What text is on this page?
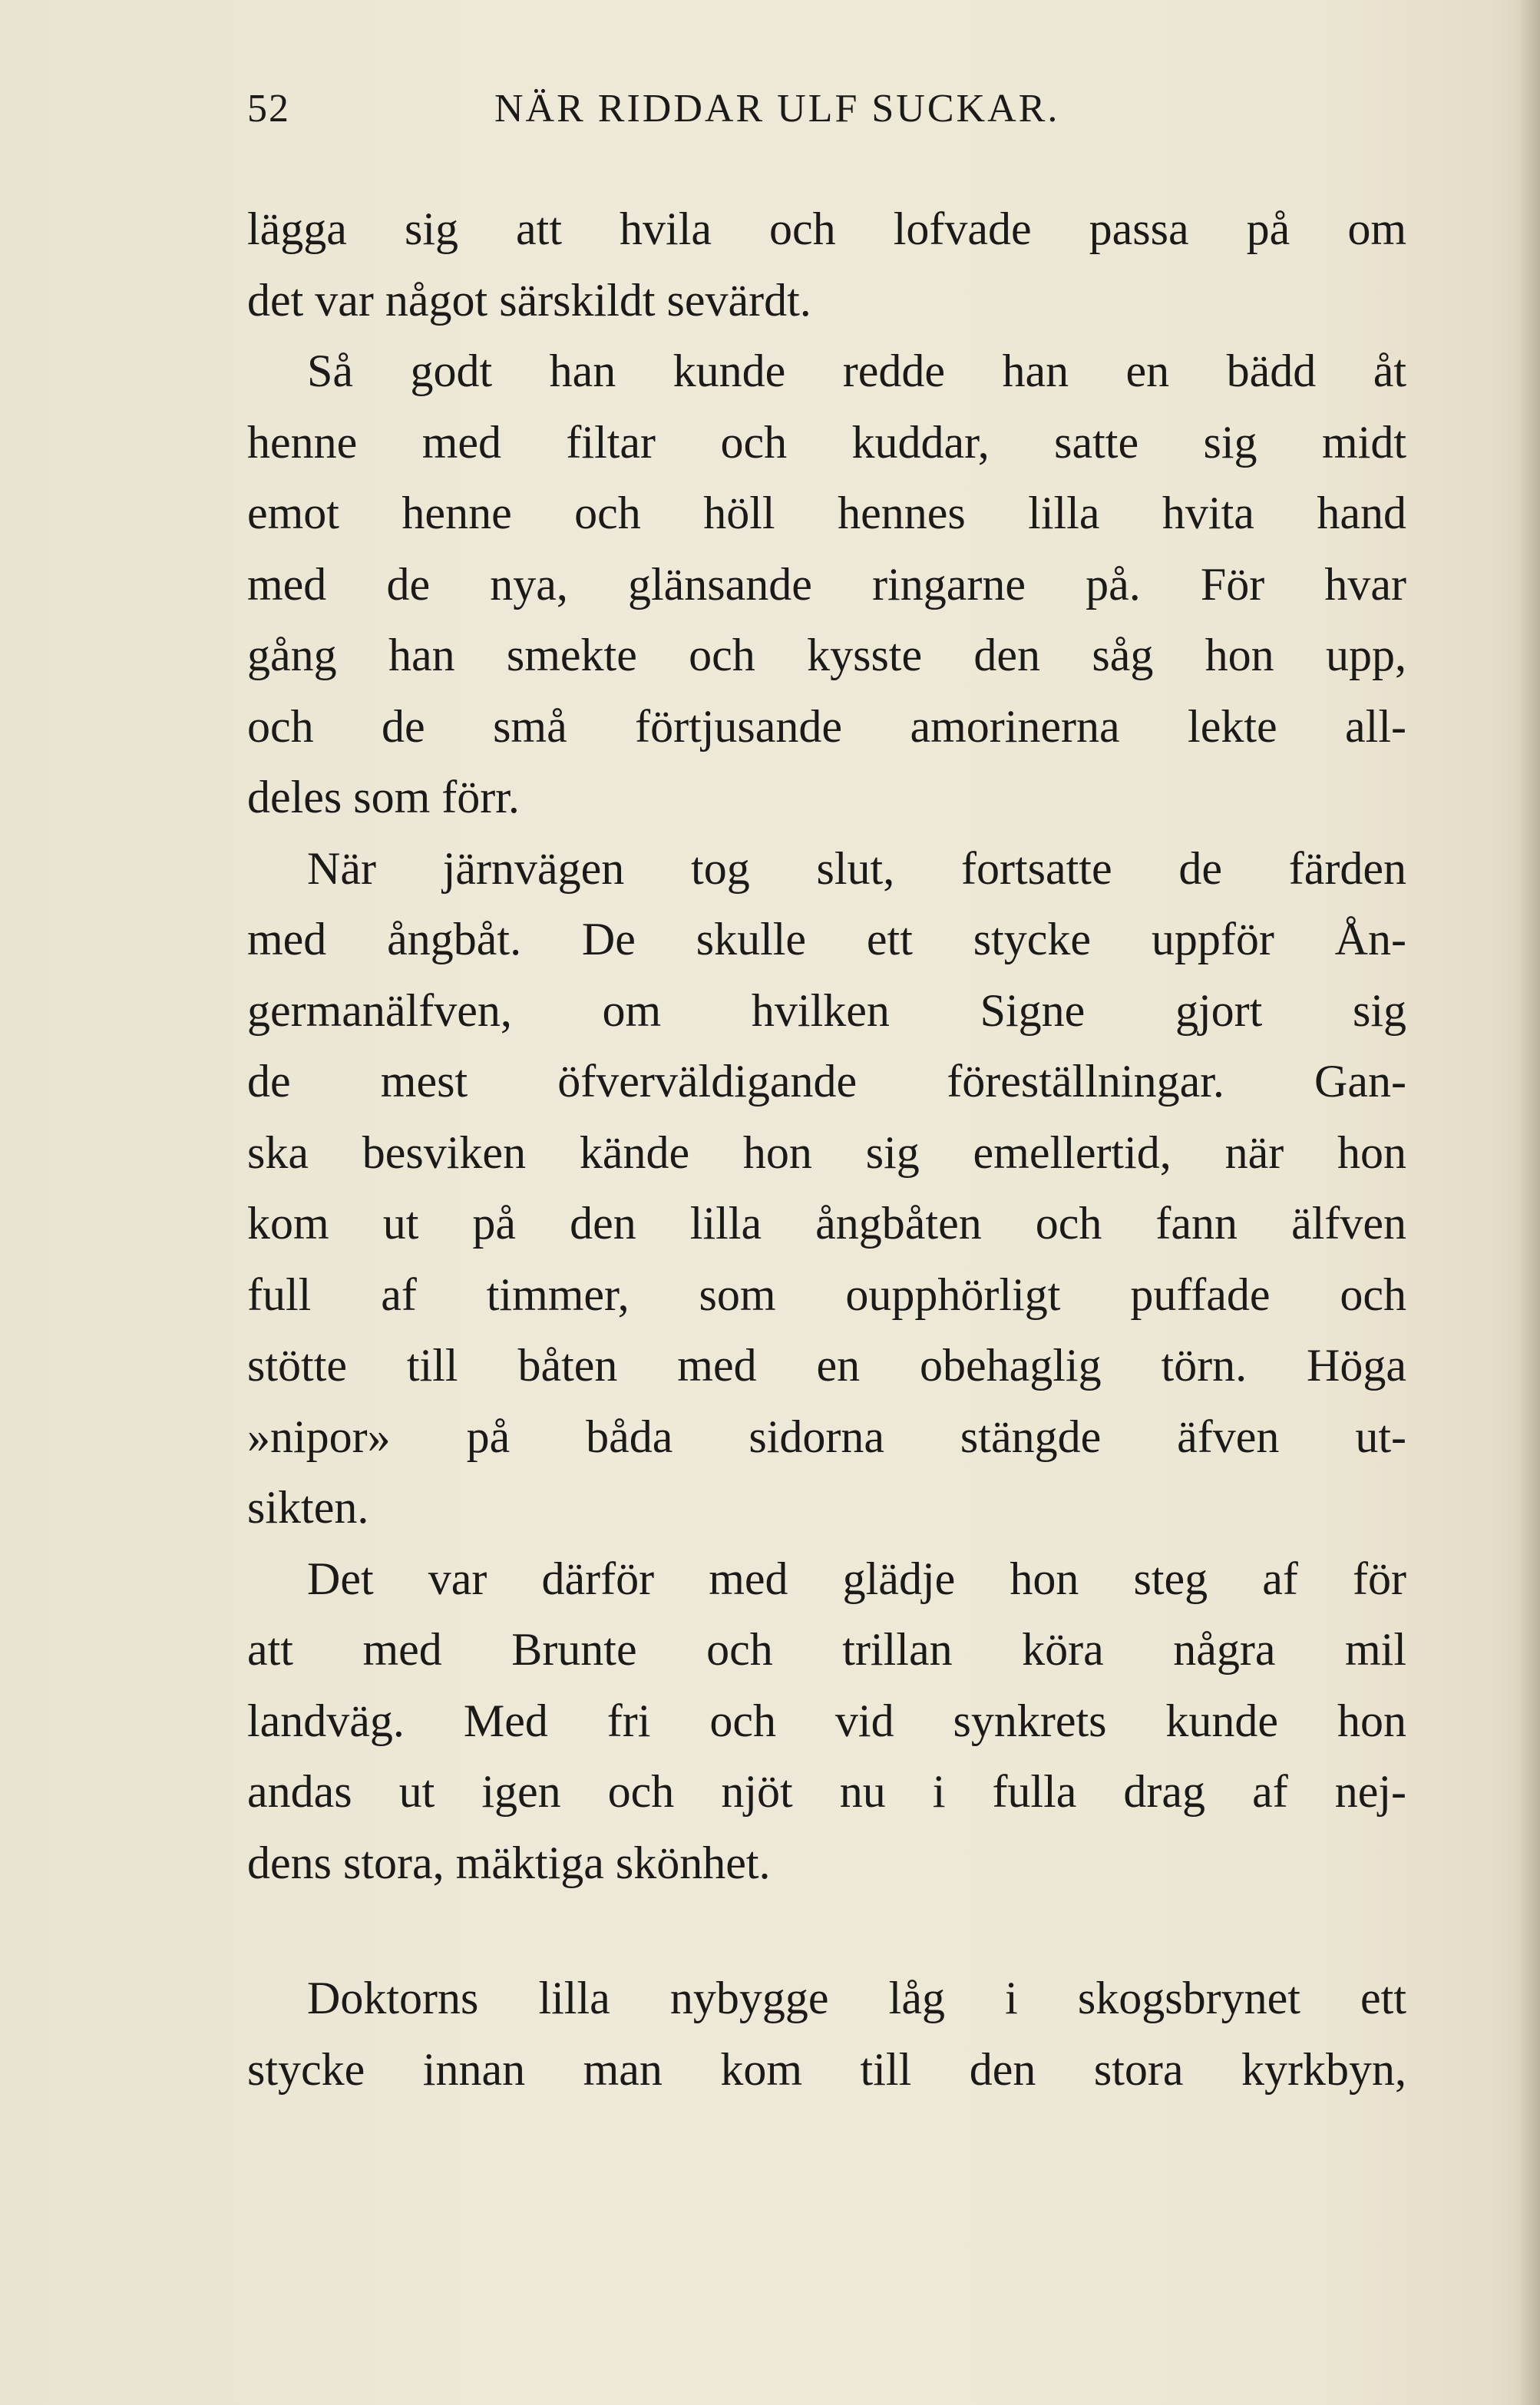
52	NÄR RIDDAR ULF SUCKAR.
lägga sig att hvila och lofvade passa på om
det var något särskildt sevärdt.
Så godt han kunde redde han en bädd åt
henne med filtar och kuddar, satte sig midt
emot henne och höll hennes lilla hvita hand
med de nya, glänsande ringarne på. För hvar
gång han smekte och kysste den såg hon upp,
och de små förtjusande amorinerna lekte all-
deles som förr.
När järnvägen tog slut, fortsatte de färden
med ångbåt. De skulle ett stycke uppför Ån-
germanälfven, om hvilken Signe gjort sig
de mest öfverväldigande föreställningar. Gan-
ska besviken kände hon sig emellertid, när hon
kom ut på den lilla ångbåten och fann älfven
full af timmer, som oupphörligt puffade och
stötte till båten med en obehaglig törn. Höga
»nipor» på båda sidorna stängde äfven ut-
sikten.
Det var därför med glädje hon steg af för
att med Brunte och trillan köra några mil
landväg. Med fri och vid synkrets kunde hon
andas ut igen och njöt nu i fulla drag af nej-
dens stora, mäktiga skönhet.
Doktorns lilla nybygge låg i skogsbrynet ett
stycke innan man kom till den stora kyrkbyn,
